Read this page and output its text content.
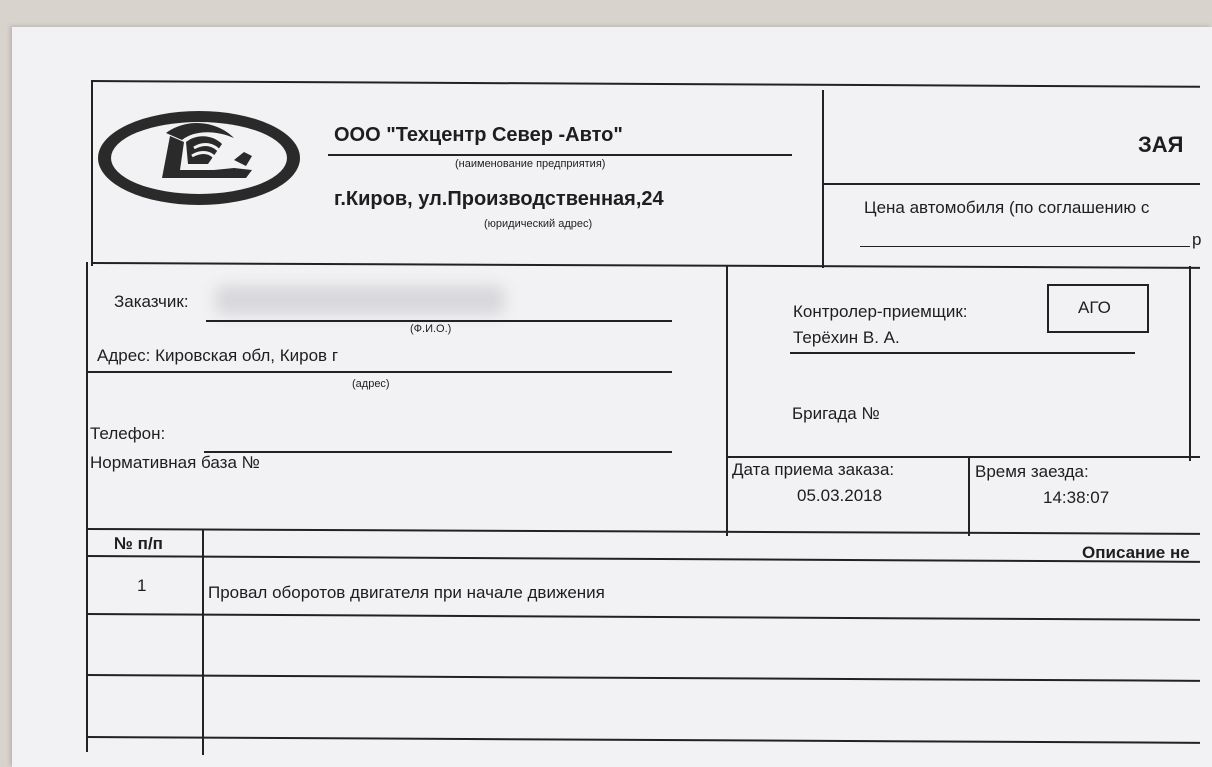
ООО "Техцентр Север -Авто"
(наименование предприятия)
г.Киров, ул.Производственная,24
(юридический адрес)
ЗАЯ
Цена автомобиля (по соглашению с
р
Заказчик:
(Ф.И.О.)
Адрес: Кировская обл, Киров г
(адрес)
Телефон:
Нормативная база №
Контролер-приемщик:	АГО
Терёхин В. А.
Бригада №
Дата приема заказа:
05.03.2018
Время заезда:
14:38:07
№ п/п	Описание не
1	Провал оборотов двигателя при начале движения
